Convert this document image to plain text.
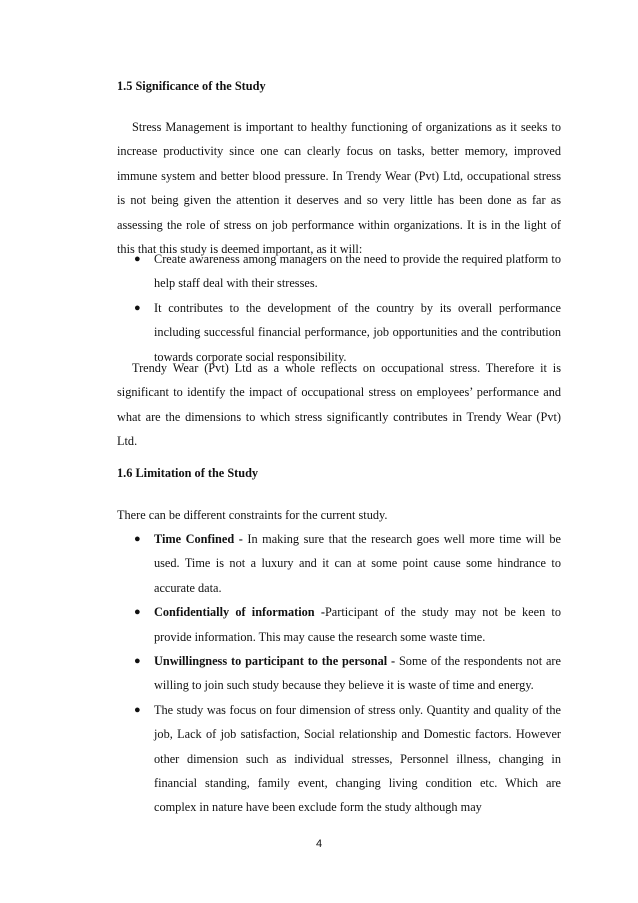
1.5 Significance of the Study
Stress Management is important to healthy functioning of organizations as it seeks to increase productivity since one can clearly focus on tasks, better memory, improved immune system and better blood pressure. In Trendy Wear (Pvt) Ltd, occupational stress is not being given the attention it deserves and so very little has been done as far as assessing the role of stress on job performance within organizations. It is in the light of this that this study is deemed important, as it will:
● Create awareness among managers on the need to provide the required platform to help staff deal with their stresses.
● It contributes to the development of the country by its overall performance including successful financial performance, job opportunities and the contribution towards corporate social responsibility.
Trendy Wear (Pvt) Ltd as a whole reflects on occupational stress. Therefore it is significant to identify the impact of occupational stress on employees’ performance and what are the dimensions to which stress significantly contributes in Trendy Wear (Pvt) Ltd.
1.6 Limitation of the Study
There can be different constraints for the current study.
● Time Confined - In making sure that the research goes well more time will be used. Time is not a luxury and it can at some point cause some hindrance to accurate data.
● Confidentially of information -Participant of the study may not be keen to provide information. This may cause the research some waste time.
● Unwillingness to participant to the personal - Some of the respondents not are willing to join such study because they believe it is waste of time and energy.
● The study was focus on four dimension of stress only. Quantity and quality of the job, Lack of job satisfaction, Social relationship and Domestic factors. However other dimension such as individual stresses, Personnel illness, changing in financial standing, family event, changing living condition etc. Which are complex in nature have been exclude form the study although may
4
